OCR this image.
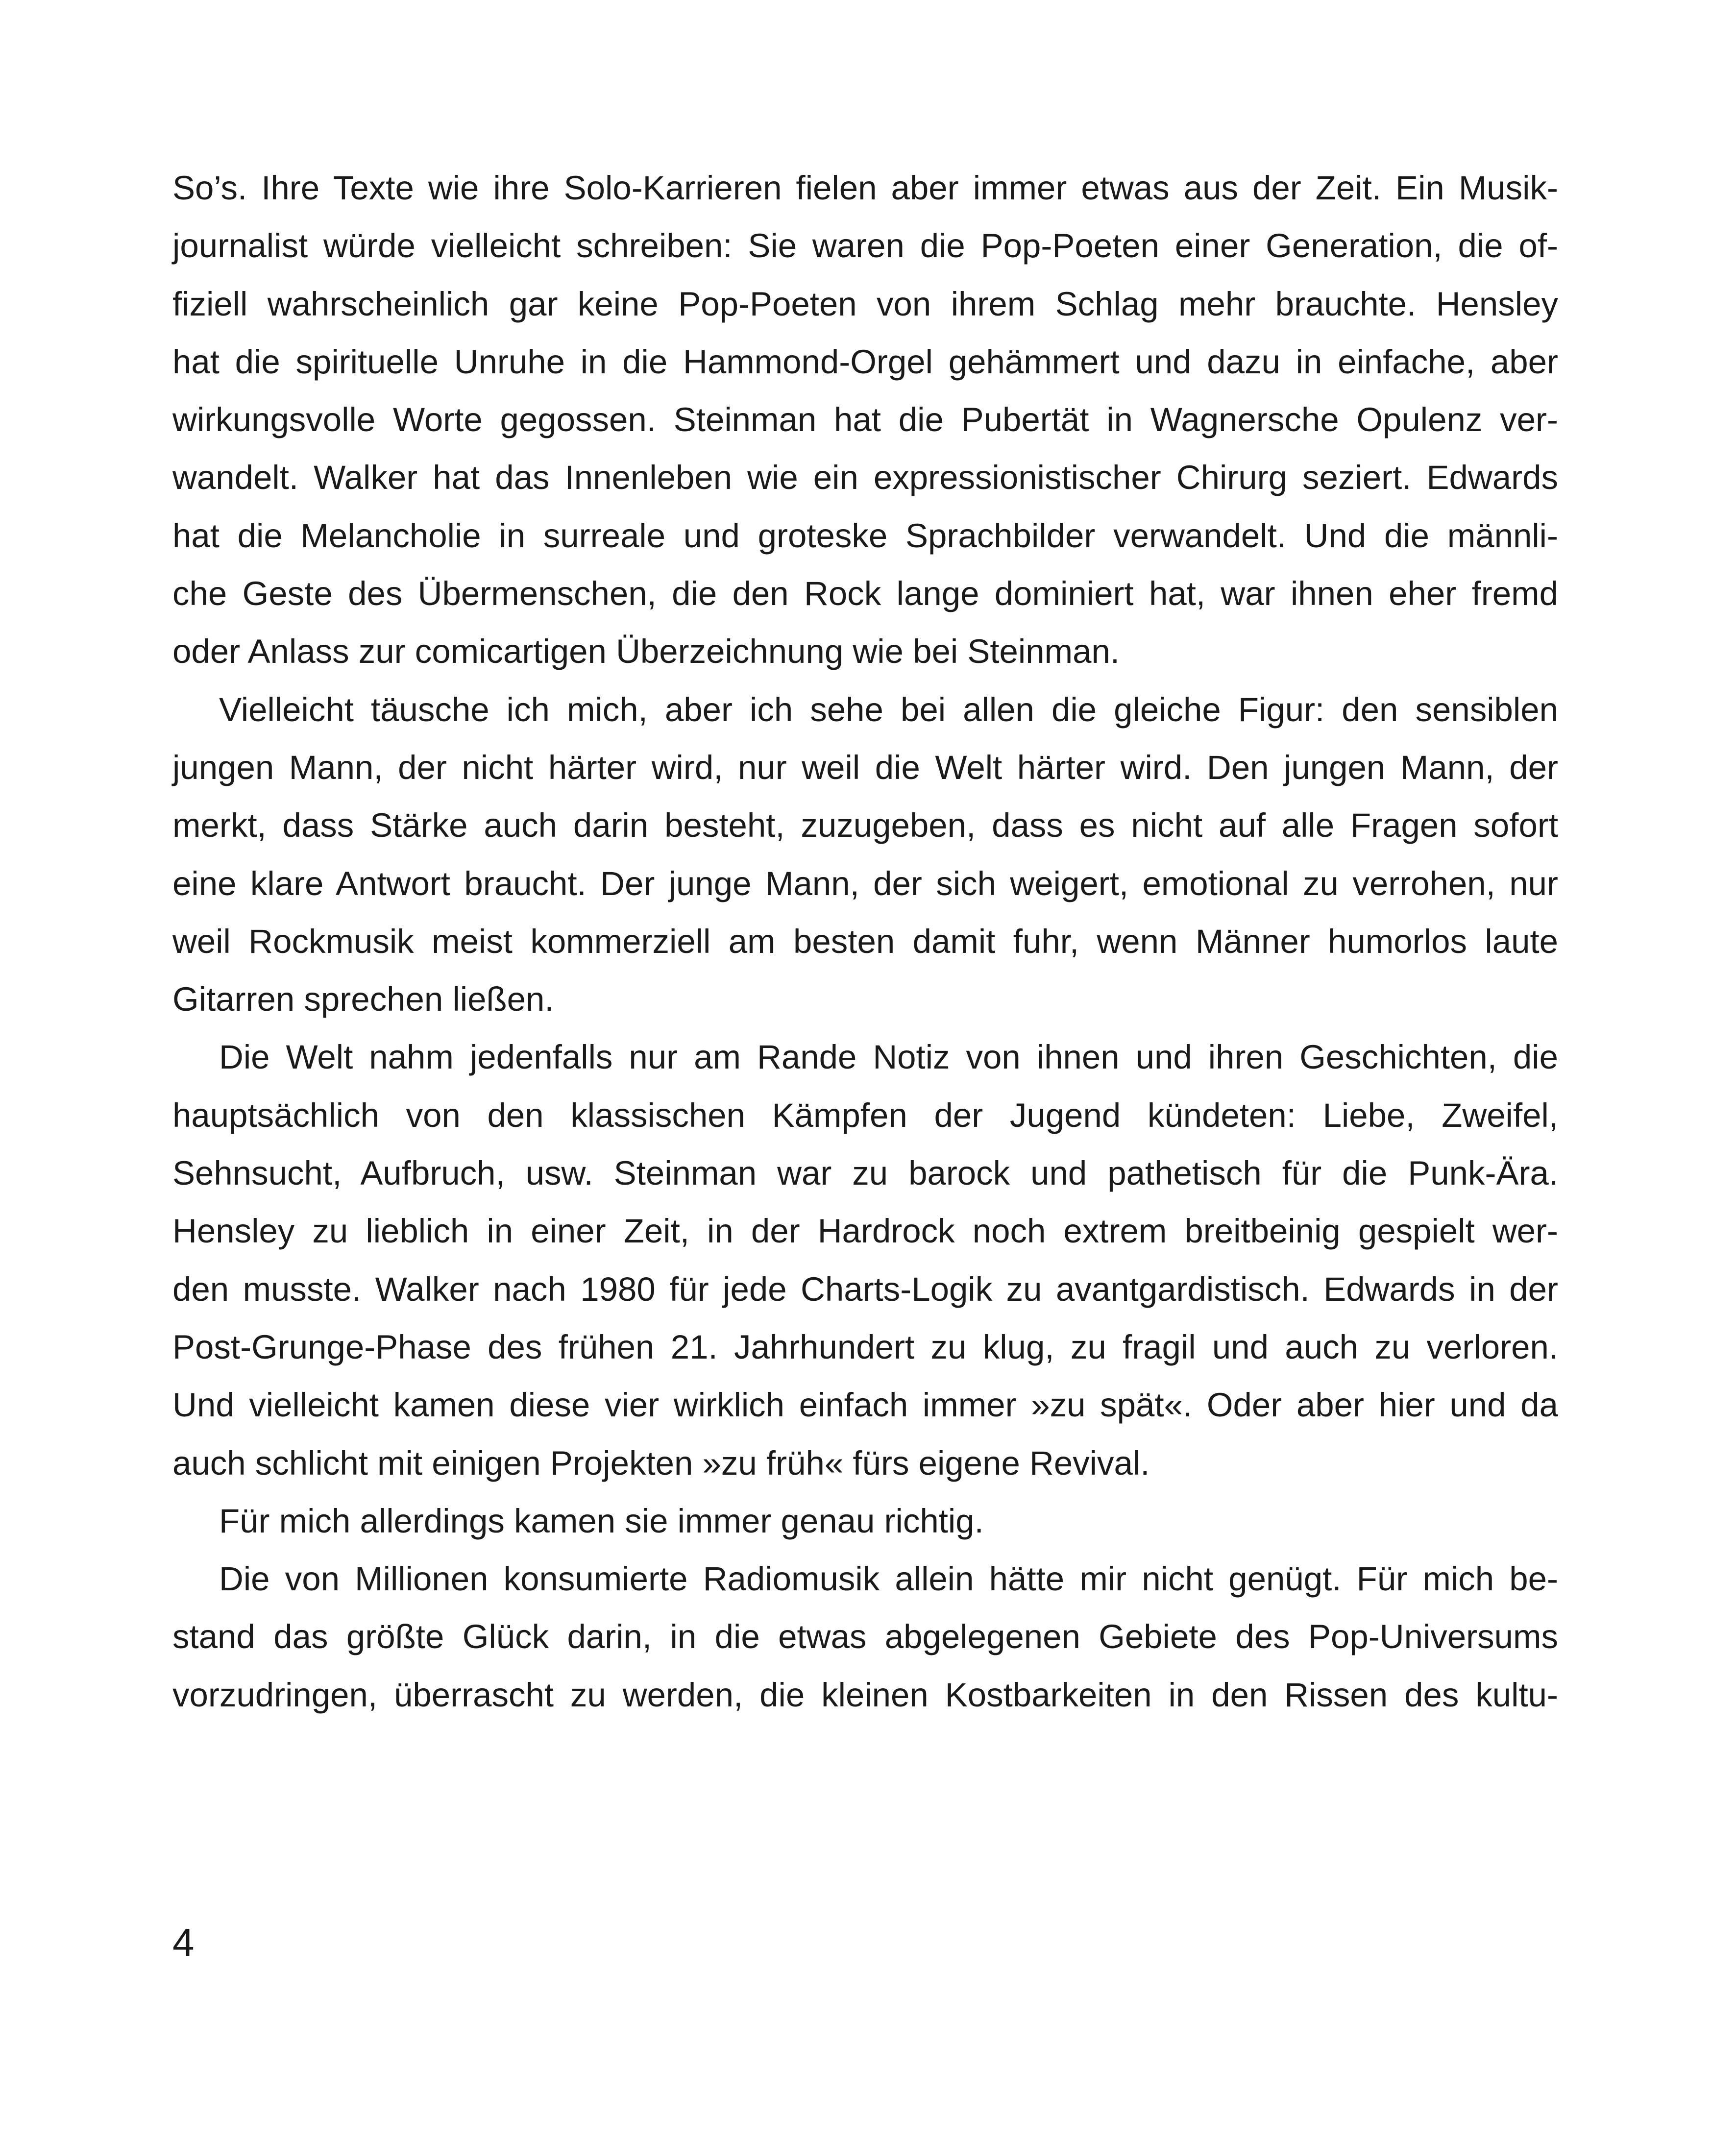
So’s. Ihre Texte wie ihre Solo-Karrieren fielen aber immer etwas aus der Zeit. Ein Musik-
journalist würde vielleicht schreiben: Sie waren die Pop-Poeten einer Generation, die of-
fiziell wahrscheinlich gar keine Pop-Poeten von ihrem Schlag mehr brauchte. Hensley
hat die spirituelle Unruhe in die Hammond-Orgel gehämmert und dazu in einfache, aber
wirkungsvolle Worte gegossen. Steinman hat die Pubertät in Wagnersche Opulenz ver-
wandelt. Walker hat das Innenleben wie ein expressionistischer Chirurg seziert. Edwards
hat die Melancholie in surreale und groteske Sprachbilder verwandelt. Und die männli-
che Geste des Übermenschen, die den Rock lange dominiert hat, war ihnen eher fremd
oder Anlass zur comicartigen Überzeichnung wie bei Steinman.
Vielleicht täusche ich mich, aber ich sehe bei allen die gleiche Figur: den sensiblen
jungen Mann, der nicht härter wird, nur weil die Welt härter wird. Den jungen Mann, der
merkt, dass Stärke auch darin besteht, zuzugeben, dass es nicht auf alle Fragen sofort
eine klare Antwort braucht. Der junge Mann, der sich weigert, emotional zu verrohen, nur
weil Rockmusik meist kommerziell am besten damit fuhr, wenn Männer humorlos laute
Gitarren sprechen ließen.
Die Welt nahm jedenfalls nur am Rande Notiz von ihnen und ihren Geschichten, die
hauptsächlich von den klassischen Kämpfen der Jugend kündeten: Liebe, Zweifel,
Sehnsucht, Aufbruch, usw. Steinman war zu barock und pathetisch für die Punk-Ära.
Hensley zu lieblich in einer Zeit, in der Hardrock noch extrem breitbeinig gespielt wer-
den musste. Walker nach 1980 für jede Charts-Logik zu avantgardistisch. Edwards in der
Post-Grunge-Phase des frühen 21. Jahrhundert zu klug, zu fragil und auch zu verloren.
Und vielleicht kamen diese vier wirklich einfach immer »zu spät«. Oder aber hier und da
auch schlicht mit einigen Projekten »zu früh« fürs eigene Revival.
Für mich allerdings kamen sie immer genau richtig.
Die von Millionen konsumierte Radiomusik allein hätte mir nicht genügt. Für mich be-
stand das größte Glück darin, in die etwas abgelegenen Gebiete des Pop-Universums
vorzudringen, überrascht zu werden, die kleinen Kostbarkeiten in den Rissen des kultu-
4
